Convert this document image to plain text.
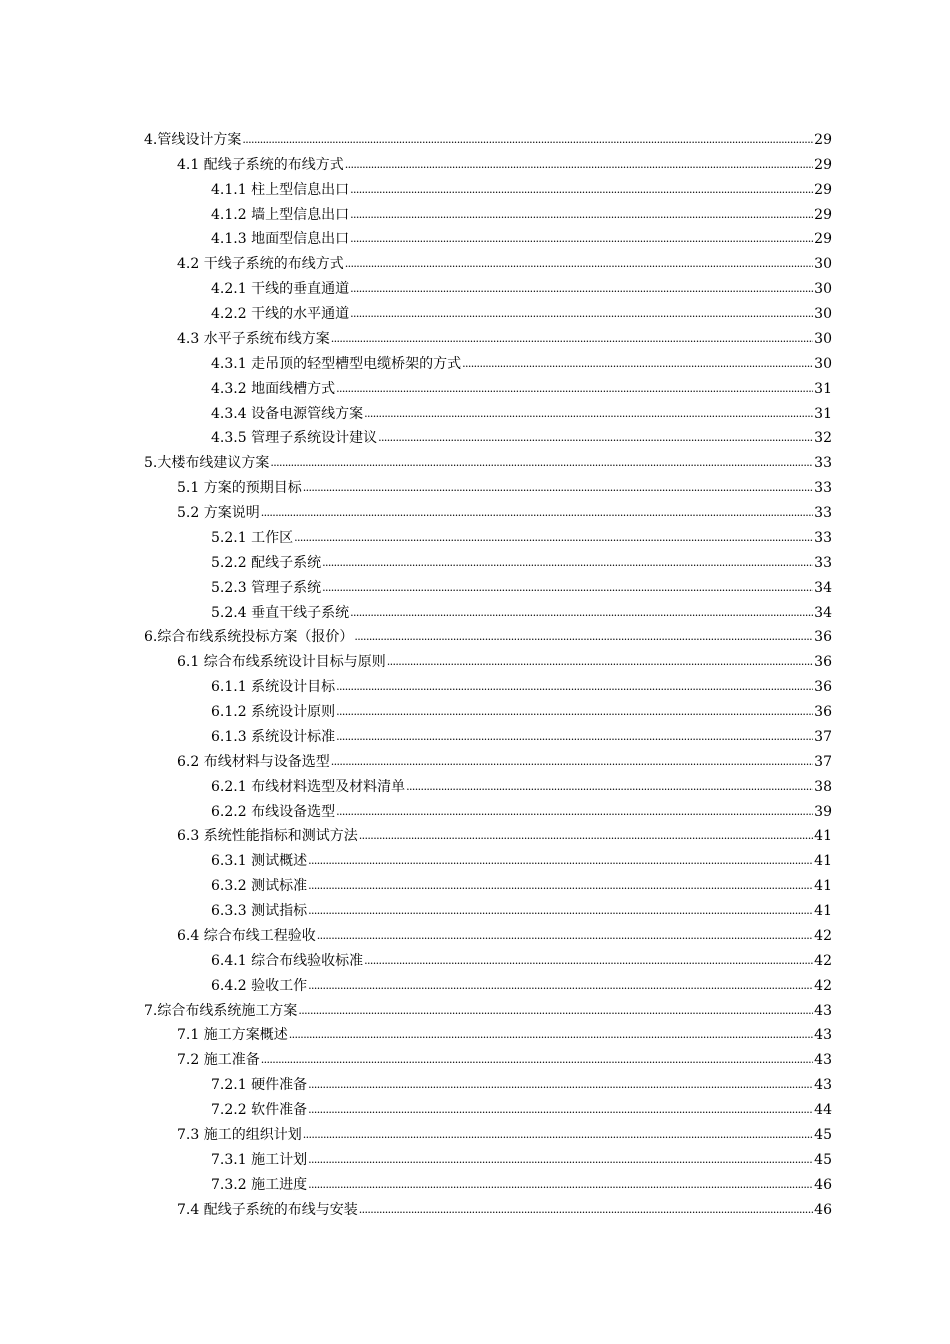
4.管线设计方案 .....	29
4.1 配线子系统的布线方式 .....	29
4.1.1 柱上型信息出口 .....	29
4.1.2 墙上型信息出口 .....	29
4.1.3 地面型信息出口 .....	29
4.2 干线子系统的布线方式 .....	30
4.2.1 干线的垂直通道 .....	30
4.2.2 干线的水平通道 .....	30
4.3 水平子系统布线方案 .....	30
4.3.1 走吊顶的轻型槽型电缆桥架的方式 .....	30
4.3.2 地面线槽方式 .....	31
4.3.4 设备电源管线方案 .....	31
4.3.5 管理子系统设计建议 .....	32
5.大楼布线建议方案 .....	33
5.1 方案的预期目标 .....	33
5.2 方案说明 .....	33
5.2.1 工作区 .....	33
5.2.2 配线子系统 .....	33
5.2.3 管理子系统 .....	34
5.2.4 垂直干线子系统 .....	34
6.综合布线系统投标方案（报价） .....	36
6.1 综合布线系统设计目标与原则 .....	36
6.1.1 系统设计目标 .....	36
6.1.2 系统设计原则 .....	36
6.1.3 系统设计标准 .....	37
6.2 布线材料与设备选型 .....	37
6.2.1 布线材料选型及材料清单 .....	38
6.2.2 布线设备选型 .....	39
6.3 系统性能指标和测试方法 .....	41
6.3.1 测试概述 .....	41
6.3.2 测试标准 .....	41
6.3.3 测试指标 .....	41
6.4 综合布线工程验收 .....	42
6.4.1 综合布线验收标准 .....	42
6.4.2 验收工作 .....	42
7.综合布线系统施工方案 .....	43
7.1 施工方案概述 .....	43
7.2 施工准备 .....	43
7.2.1 硬件准备 .....	43
7.2.2 软件准备 .....	44
7.3 施工的组织计划 .....	45
7.3.1 施工计划 .....	45
7.3.2 施工进度 .....	46
7.4 配线子系统的布线与安装 .....	46
